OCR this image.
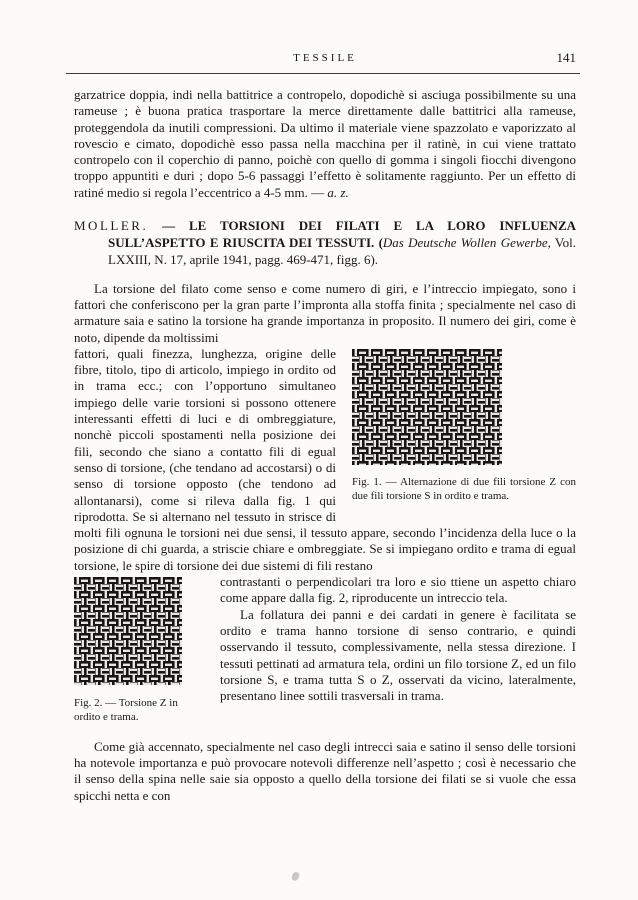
TESSILE	141

garzatrice doppia, indi nella battitrice a contropelo, dopodichè si asciuga possibilmente su una rameuse ; è buona pratica trasportare la merce direttamente dalle battitrici alla rameuse, proteggendola da inutili compressioni. Da ultimo il materiale viene spazzolato e vaporizzato al rovescio e cimato, dopodichè esso passa nella macchina per il ratinè, in cui viene trattato contropelo con il coperchio di panno, poichè con quello di gomma i singoli fiocchi divengono troppo appuntiti e duri ; dopo 5-6 passaggi l’effetto è solitamente raggiunto. Per un effetto di ratiné medio si regola l’eccentrico a 4-5 mm. — a. z.

MOLLER. — LE TORSIONI DEI FILATI E LA LORO INFLUENZA SULL’ASPETTO E RIUSCITA DEI TESSUTI. (Das Deutsche Wollen Gewerbe, Vol. LXXIII, N. 17, aprile 1941, pagg. 469-471, figg. 6).

La torsione del filato come senso e come numero di giri, e l’intreccio impiegato, sono i fattori che conferiscono per la gran parte l’impronta alla stoffa finita ; specialmente nel caso di armature saia e satino la torsione ha grande importanza in proposito. Il numero dei giri, come è noto, dipende da moltissimi

Fig. 1. — Alternazione di due fili torsione Z con due fili torsione S in ordito e trama.

fattori, quali finezza, lunghezza, origine delle fibre, titolo, tipo di articolo, impiego in ordito od in trama ecc.; con l’opportuno simultaneo impiego delle varie torsioni si possono ottenere interessanti effetti di luci e di ombreggiature, nonchè piccoli spostamenti nella posizione dei fili, secondo che siano a contatto fili di egual senso di torsione, (che tendano ad accostarsi) o di senso di torsione opposto (che tendono ad allontanarsi), come si rileva dalla fig. 1 qui riprodotta. Se si alternano nel tessuto in strisce di molti fili ognuna le torsioni nei due sensi, il tessuto appare, secondo l’incidenza della luce o la posizione di chi guarda, a striscie chiare e ombreggiate. Se si impiegano ordito e trama di egual torsione, le spire di torsione dei due sistemi di fili restano

Fig. 2. — Torsione Z in ordito e trama.

contrastanti o perpendicolari tra loro e sio ttiene un aspetto chiaro come appare dalla fig. 2, riproducente un intreccio tela.

La follatura dei panni e dei cardati in genere è facilitata se ordito e trama hanno torsione di senso contrario, e quindi osservando il tessuto, complessivamente, nella stessa direzione. I tessuti pettinati ad armatura tela, ordini un filo torsione Z, ed un filo torsione S, e trama tutta S o Z, osservati da vicino, lateralmente, presentano linee sottili trasversali in trama.

Come già accennato, specialmente nel caso degli intrecci saia e satino il senso delle torsioni ha notevole importanza e può provocare notevoli differenze nell’aspetto ; così è necessario che il senso della spina nelle saie sia opposto a quello della torsione dei filati se si vuole che essa spicchi netta e con
